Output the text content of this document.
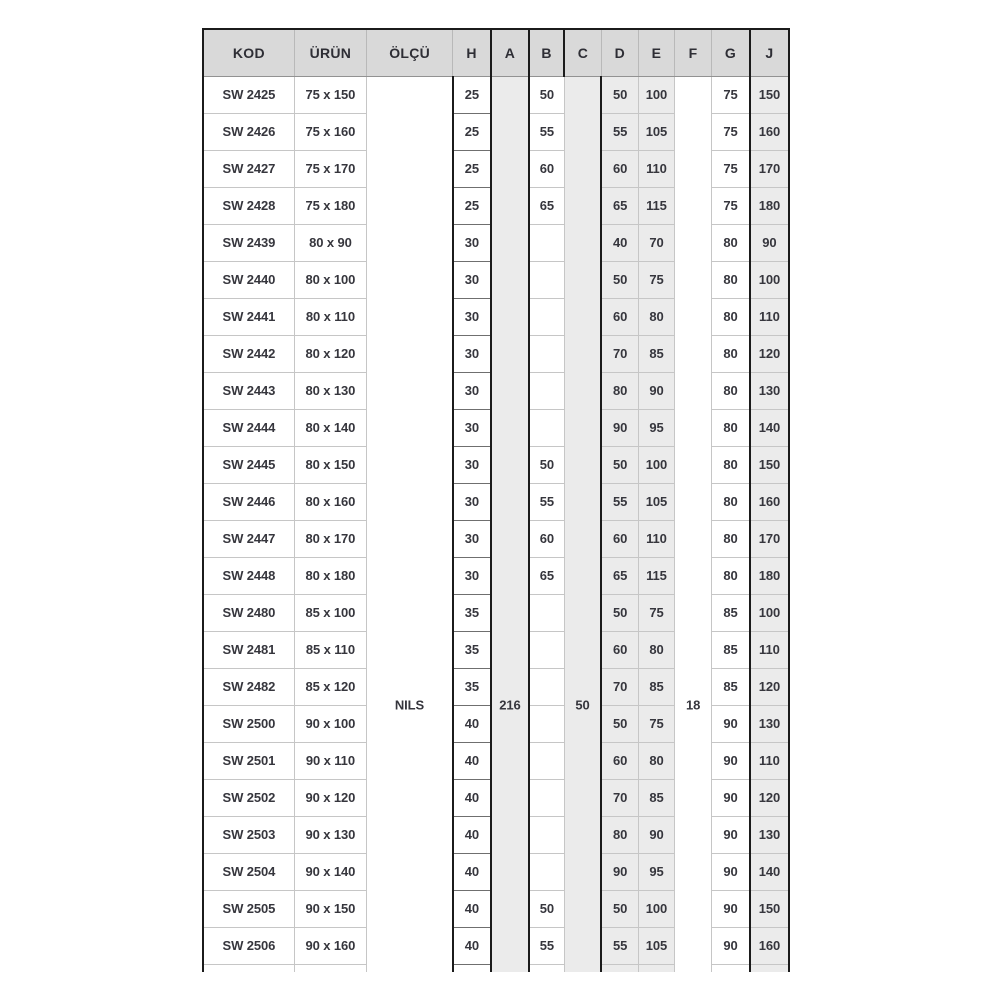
KOD	ÜRÜN	ÖLÇÜ	H	A	B	C	D	E	F	G	J
SW 2425	75 x 150	NILS	25	216	50	50	50	100	18	75	150
SW 2426	75 x 160		25		55		55	105		75	160
SW 2427	75 x 170		25		60		60	110		75	170
SW 2428	75 x 180		25		65		65	115		75	180
SW 2439	80 x 90		30				40	70		80	90
SW 2440	80 x 100		30				50	75		80	100
SW 2441	80 x 110		30				60	80		80	110
SW 2442	80 x 120		30				70	85		80	120
SW 2443	80 x 130		30				80	90		80	130
SW 2444	80 x 140		30				90	95		80	140
SW 2445	80 x 150		30		50		50	100		80	150
SW 2446	80 x 160		30		55		55	105		80	160
SW 2447	80 x 170		30		60		60	110		80	170
SW 2448	80 x 180		30		65		65	115		80	180
SW 2480	85 x 100		35				50	75		85	100
SW 2481	85 x 110		35				60	80		85	110
SW 2482	85 x 120		35				70	85		85	120
SW 2500	90 x 100		40				50	75		90	130
SW 2501	90 x 110		40				60	80		90	110
SW 2502	90 x 120		40				70	85		90	120
SW 2503	90 x 130		40				80	90		90	130
SW 2504	90 x 140		40				90	95		90	140
SW 2505	90 x 150		40		50		50	100		90	150
SW 2506	90 x 160		40		55		55	105		90	160
